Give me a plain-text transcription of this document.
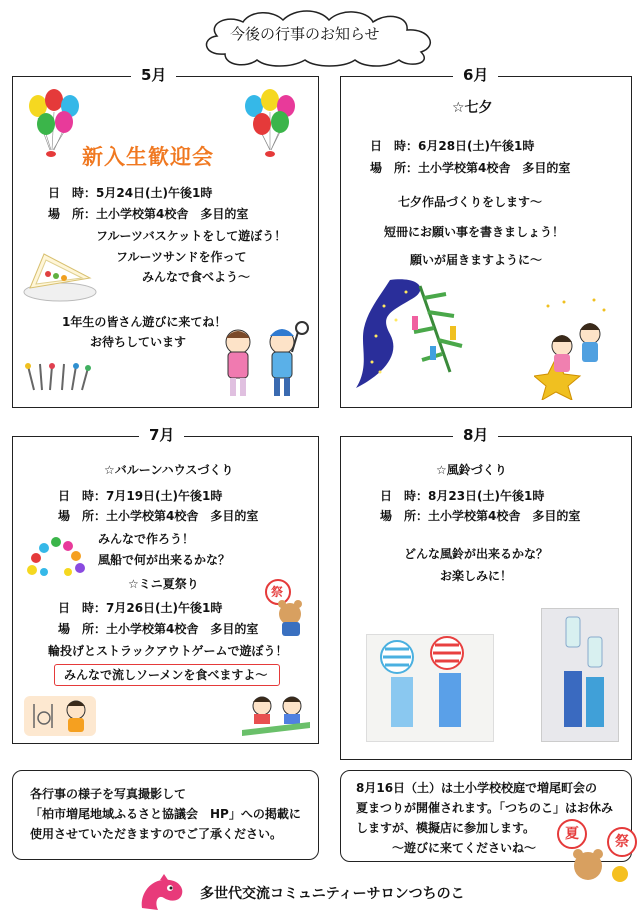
今後の行事のお知らせ
5月
新入生歓迎会
日　時：5月24日(土)午後1時
場　所：土小学校第4校舎　多目的室
フルーツバスケットをして遊ぼう！
フルーツサンドを作って
みんなで食べよう～
1年生の皆さん遊びに来てね！
お待ちしています
6月
☆七夕
日　時：6月28日(土)午後1時
場　所：土小学校第4校舎　多目的室
七夕作品づくりをします～
短冊にお願い事を書きましょう！
願いが届きますように～
7月
☆バルーンハウスづくり
日　時：7月19日(土)午後1時
場　所：土小学校第4校舎　多目的室
みんなで作ろう！
風船で何が出来るかな？
☆ミニ夏祭り
日　時：7月26日(土)午後1時
場　所：土小学校第4校舎　多目的室
輪投げとストラックアウトゲームで遊ぼう！
みんなで流しソーメンを食べますよ～
祭
8月
☆風鈴づくり
日　時：8月23日(土)午後1時
場　所：土小学校第4校舎　多目的室
どんな風鈴が出来るかな？
お楽しみに！
各行事の様子を写真撮影して
「柏市増尾地域ふるさと協議会　HP」への掲載に
使用させていただきますのでご了承ください。
8月16日（土）は土小学校校庭で増尾町会の
夏まつりが開催されます。「つちのこ」はお休み
しますが、模擬店に参加します。
～遊びに来てくださいね～
夏	祭
多世代交流コミュニティーサロンつちのこ
